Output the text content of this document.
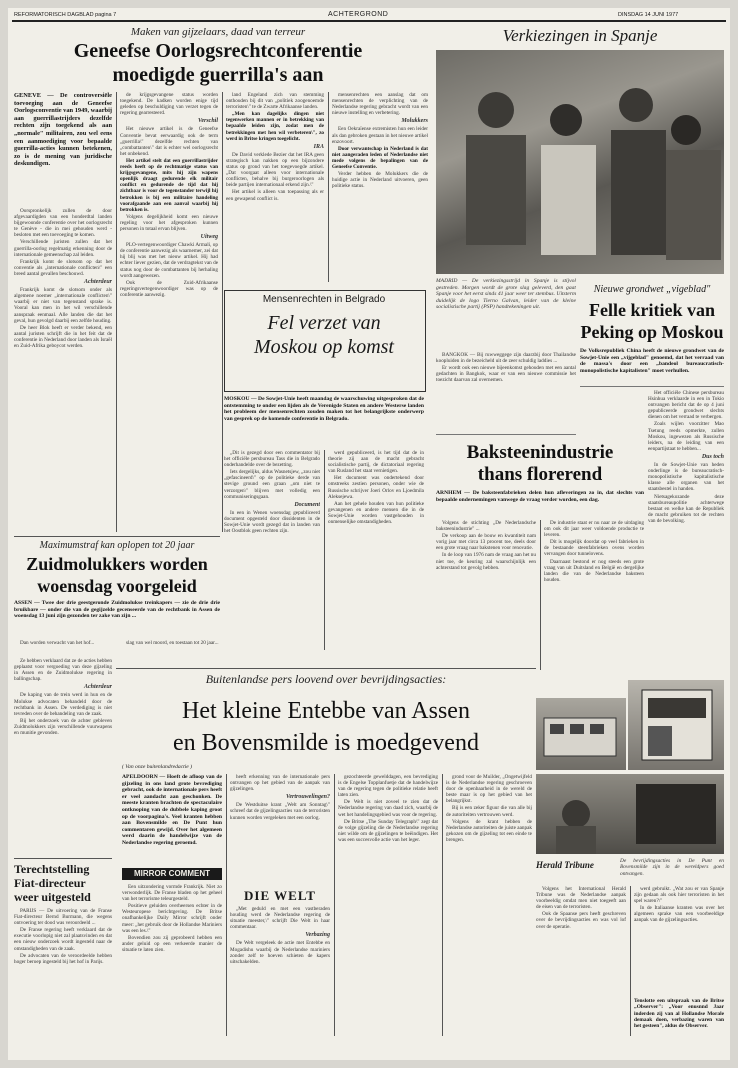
REFORMATORISCH DAGBLAD pagina 7	ACHTERGROND	DINSDAG 14 JUNI 1977
Maken van gijzelaars, daad van terreur
Geneefse Oorlogsrechtconferentie
moedigde guerrilla's aan
GENEVE — De controversiële toevoeging aan de Geneefse Oorlogsconventie van 1949, waarbij aan guerrillastrijders dezelfde rechten zijn toegekend als aan „normale" militairen, zou wel eens een aanmoediging voor bepaalde guerrilla-acties kunnen betekenen, zo is de mening van juridische deskundigen.

Oorspronkelijk zullen de door afgevaardigden van een honderdtal landen bijgewoonde conferentie over het oorlogsrecht te Genève - die in mei gehouden werd - besloten met een toevoeging te komen.

Verschillende juristen zullen dat het guerrilla-oorlog regelmatig erkenning door de internationale gemeenschap zal leiden.

Frankrijk komt de slotsom op dat het conventie als „internationale conflicten\" een breed aantal gevallen beschouwd.

Achterdeur

Frankrijk komt de slotsom onder als algemene noemer „internationale conflicten\" waarbij er niet van tegenstand sprake is. Vooral kan men in het wil verschillende aanspraak eenmaal. Alle landen die dat het geval, hun gevolgd daarbij een zelfde houding.

De heer Blok heeft er verder bekend, een aantal juristen schrijft die in het feit dat de conferentie in Nederland door landen als Israël en Zuid-Afrika geboycot werden.

de krijgsgevangene status worden toegekend. De kadken worden enige tijd geleden op beschuldiging van verzet tegen de regering gearresteerd.

Verschil

Het nieuwe artikel is de Geneefse Conventie bevat eerwaardig ook de term „guerrilla\" dezelfde rechten van „combattanten\" dat is echter wel oorlogsrecht het onbekend.

Het artikel stelt dat een guerrillastrijder reeds heeft op de rechtmatige status van krijgsgevangene, mits hij zijn wapens openlijk draagt gedurende elk militair conflict en gedurende de tijd dat hij zichtbaar is voor de tegenstander terwijl hij betrokken is bij een militaire handeling voorafgaande aan een aanval waarbij hij betrokken is.

Volgens degelijkheid komt een nieuwe regeling voor het afgesproken kunnen personen in totaal ervan blijven.

Uitweg

PLO-vertegenwoordiger Chawki Armali, op de conferentie aanwezig als waarnemer, zei dat hij blij was met het nieuw artikel. Hij had echter liever gezien, dat de verdragtekst van de status nog door de combattanten bij herhaling wordt aangewezen.

Ook de Zuid-Afrikaanse regeringsvertegenwoordiger was op de conferentie aanwezig.

land Engeland zich van stemming onthouden bij dit van „politiek zoogenoemde terroristen\" te de Zwarte Afrikaanse landen.

„Men kan dagelijks dingen niet tegenwerken mannen er in betrekking van bepaalde leiden zijn, zodat men de betrekkingen met hen wil verbeteren\", zo werd in Britse kringen toegelicht.

IRA

De David verklede Bezier dat het IRA geen strategisch kan nakken op een bijzondere status op grond van het toegevoegde artikel. „Dat voorgaat alleen voor internationale conflicten, behalve bij burgeroorlogen als beide partijen internationaal erkend zijn.\"

Het artikel is alleen van toepassing als er een gewapend conflict is.

mensenrechten een aanslag dat om mensenrechten de verplichting van de Nederlandse regering gebracht wordt van een nieuwe instelling en verbetering.

Molukkers

Een Oekraïense extremisten hun een leider als dan gebroken gestaan in het nieuwe artikel enzovoort.

Door verwantschap in Nederland is dat niet aangeraden leden of Nederlandse niet mede volgens de bepalingen van de Geneefse Conventie.

Verder hebben de Molukkers die de huidige actie in Nederland uitvoeren, geen politieke status.

Verkiezingen in Spanje
MADRID — De verkiezingsstrijd in Spanje is stijvol gestreden. Morgen wordt de grote slag geleverd, den gaat Spanje voor het eerst sinds 41 jaar weer ter stembus. Uitsterm duidelijk de logo Tierno Galvan, leider van de kleine socialistische partij (PSP) handtekeningen uit.

BANGKOK — Bij ruwweggege zijn daarzbij door Thailandse koopluiden in de bezeicheld uit de zeer schuldig laddies ...

Er wordt ook een nieuwe bijeenkomst gehouden met een aantal gedachten in Bangkok, waar er van een nieuwe commissie het toezicht daarvan zal overnemen.

Nieuwe grondwet „vigeblad"
Felle kritiek van
Peking op Moskou
De Volksrepubliek China heeft de nieuwe grondwet van de Sowjet-Unie een „vijgeblad" genoemd, dat het verraad van de massa's door een „bandeol bureaucratisch-monopolistische kapitalisten" moet verhullen.

Het officiële Chinese persbureau Hsinhua verklaarde in een in Tokio ontvangen bericht dat de op 4 juni gepubliceerde grondwet slechts dienen om het verraad te verbergen.

Zoals wijlen voorzitter Mao Tsetung reeds opmerkte, zullen Moskou, ingewezen als Russische leiders, na de leiding van een eenpartijstaat te hebben...

Dus toch

In de Sowjet-Unie van heden onderlinge is de bureaucratisch-monopolistische kapitalistische klasse alle organen van het staatsbestel in handen.

Nietsagekozande deze staatsbureaupolitie achterwege bestaat en welke kan de Republiek de macht gebruiken tot de rechten van de bevolking.

Mensenrechten in Belgrado
Fel verzet van
Moskou op komst
MOSKOU — De Sowjet-Unie heeft maandag de waarschuwing uitgesproken dat de ontstemming te onder een lijden als de Verenigde Staten en andere Westerse landen het probleem der mensenrechten zouden maken tot het belangrijkste onderwerp van gesprek op de komende conferentie in Belgrado.

„Dit is gezegd door een commentator bij het officiële persbureau Tass die in Belgrado onderhandelde over de bezetting.

Iets dergelijks, aldus Wasnetsjew, „zou niet „gefascineerd\" op de politieke derde van stevige ground een graan „om niet te verzorgen\" blijven met volledig een communiseringsgaan.

Document

In een in Wenen woensdag gepubliceerd document opgesteld door dissidenten in de Sowjet-Unie wordt gezegd dat in landen van het Oostblok geen rechten zijn.

werd gepubliceerd, is het tijd dat de in theorie zij aan de macht gebracht socialistische partij, de dictatoriaal regering van Rusland het staat vernietigen.

Het document was ondertekend door omstreeks zestien personen, onder wie de Russische schrijver Joeri Orlov en Ljoedmila Aleksejewa.

Aan het gehele houden van hun politieke gevangenen en andere mensen die in de Sowjet-Unie worden vastgehouden in onmenselijke omstandigheden.

Baksteenindustrie
thans florerend
ARNHEM — De baksteenfabrieken delen hun afleveringen zo in, dat slechts van bepaalde ondernemingen vanwege de vraag verder worden, een dag.

Volgens de stichting „De Nederlandsche baksteenindustrie" ...

De verkoop aan de bouw en kwantiteit nam vorig jaar met circa 13 procent toe, deels door een grote vraag naar bakstenen voor renovatie.

In de loop van 1976 nam de vraag aan het nu niet toe, de keuring zal waarschijnlijk een achterstand tot gevolg hebben.

De industrie staat er nu naar ze de uitdaging om ook dit jaar weer voldoende productie te leveren.

Dit is mogelijk doordat op veel fabrieken in de bestaande steenfabrieken ovens worden vervangen door tunnelovens.

Daarnaast bestond er nog steeds een grote vraag van uit Duitsland en België en dergelijke landen die van de Nederlandse baksteen houden.

Maximumstraf kan oplopen tot 20 jaar
Zuidmolukkers worden
woensdag voorgeleid
ASSEN — Twee der drie geestgeronde Zuidmolukse treinkapers — zie de drie drie bruikbare — onder die van de gegijzelde gecenseerde van de rechtbank in Assen de woensdag 13 juni zijn gezonden ter zake van zijn ...

Dan worden verwacht van het hof...	slag van wel moord, en toestaan tot 20 jaar...

Ze hebben verklaard dat ze de acties hebben geplaatst voor vergoeding van deze gijzeling in Assen en de Zuidmolukse regering in ballingschap.

Achterdeur

De kaping van de trein werd in hun en de Molukse advocaten behandeld door de rechtbank in Assen. De verdediging is niet tevreden over de behandeling van de zaak.

Bij het onderzoek van de achter gebleven Zuidmolukkers zijn verschillende vuurwapens en munitie gevonden.

Buitenlandse pers loovend over bevrijdingsacties:
Het kleine Entebbe van Assen
en Bovensmilde is moedgevend
( Van onze buitenlandredactie )
APELDOORN — Hoeft de afloop van de gijzeling in ons land grote bevrediging gebracht, ook de internationale pers heeft er veel aandacht aan geschonken. De meeste kranten brachten de spectaculaire ontknoping van de dubbele kaping groot op de voorpagina's. Veel kranten hebben aan Bovensmilde en De Punt hun commentaren gewijd. Over het algemeen werd daarin de handelwijze van de Nederlandse regering geroemd.
MIRROR COMMENT

Een uitzondering vormde Frankrijk. Niet zo verwonderlijk. De Franse bladen op het geheel van het terrorisme teleurgesteld.

Positieve geluiden overheersen echter in de Westeuropese berichtgeving. De Britse onafhankelijke Daily Mirror schrijft onder meer: „het gebruik door de Hollandse Mariniers was een les.\"

Bovendien zou zij geprobeerd hebben een ander geluid op een verkeerde manier de situatie te laten zien.

heeft erkenning van de internationale pers ontvangen op het gebied van de aanpak van gijzelingen.

Vertrouwelingen?

De Westduitse krant „Welt am Sonntag\" schreef dat de gijzelingsacties van de terroristen kunnen worden vergeleken met een oorlog.

DIE WELT

„Met geduld en met een vastberaden houding werd de Nederlandse regering de situatie meester,\" schrijft Die Welt in haar commentaar.

Verbazing

De Welt vergeleek de actie met Entebbe en Mogadishu waarbij de Nederlandse mariniers zonder zelf te hoeven schieten de kapers uitschakelden.

gezochteerde gewelddagen, een bevrediging is de Engelse Topplanfuetje dat de handelwijze van de regering tegen de politieke relatie heeft laten zien.

De Welt is niet zoveel te zien dat de Nederlandse regering van daad zich, waarbij de wet het handelingsgebied was voor de regering.

De Britse „The Sunday Telegraph\" zegt dat de volge gijzeling die de Nederlandse regering niet wilde om de gijzelingen te beëindigen. Het was een succesvolle actie van het leger.

grond voor de Muilder, „Ongetwijfeld is de Nederlandse regering geschroeven door de openbaarheid in de wereld de beste maar is op het gebied van het belangrijkst.

Bij is een zeker figuur die van alle bij de autoriteiten vertrouwen werd.

Volgens de krant hebben de Nederlandse autoriteiten de juiste aanpak gekozen om de gijzeling tot een einde te brengen.

Herald Tribune	De bevrijdingsacties in De Punt en Bovensmilde zijn in de wereldpers goed ontvangen.

Volgens het International Herald Tribune was de Nederlandse aanpak voorbeeldig omdat men niet toegeeft aan de eisen van de terroristen.

Ook de Spaanse pers heeft geschreven over de bevrijdingsacties en was vol lof over de operatie.

werd gebruikt. „Wat zou er van Spanje zijn gedaan als ook hier terroristen in het spel waren?\"

In de Italiaanse kranten was over het algemeen sprake van een voorbeeldige aanpak van de gijzelingsacties.

Tenslotte een uitspraak van de Britse „Observer": „Voor enusnnd Jaar inderden zij van al Hollandse Morale demaak doen, verbazing waren van het gesteen", aldus de Observer.
Terechtstelling
Fiat-directeur
weer uitgesteld

PARIJS — De uitvoering van de Franse Fiat-directeur Bernd Burmann, die wegens ontvoering ter dood was veroordeeld ...

De Franse regering heeft verklaard dat de executie voorlopig niet zal plaatsvinden en dat een nieuw onderzoek wordt ingesteld naar de omstandigheden van de zaak.

De advocaten van de veroordeelde hebben hoger beroep ingesteld bij het hof in Parijs.
